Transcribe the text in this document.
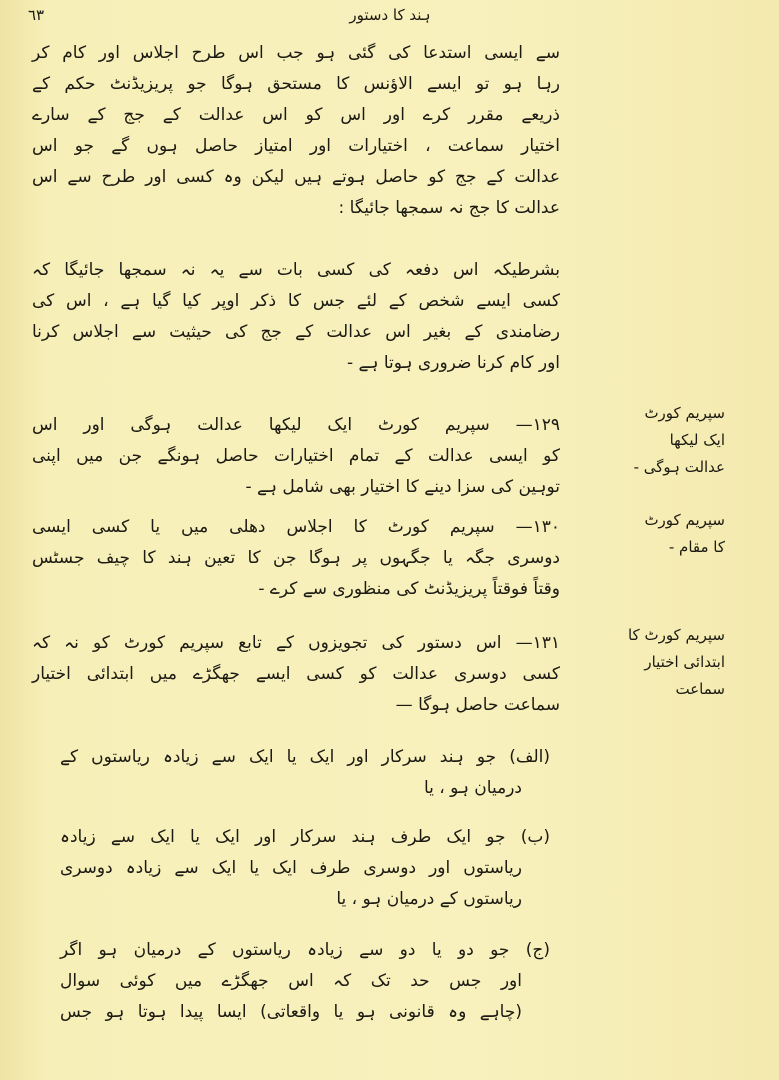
٦٣	ہند کا دستور
سے ایسی استدعا کی گئی ہو جب اس طرح اجلاس اور کام کر
رہا ہو تو ایسے الاؤنس کا مستحق ہوگا جو پریزیڈنٹ حکم کے
ذریعے مقرر کرے اور اس کو اس عدالت کے جج کے سارے
اختیار سماعت ، اختیارات اور امتیاز حاصل ہوں گے جو اس
عدالت کے جج کو حاصل ہوتے ہیں لیکن وہ کسی اور طرح سے اس
عدالت کا جج نہ سمجھا جائیگا :
بشرطیکہ اس دفعہ کی کسی بات سے یہ نہ سمجھا جائیگا کہ
کسی ایسے شخص کے لئے جس کا ذکر اوپر کیا گیا ہے ، اس کی
رضامندی کے بغیر اس عدالت کے جج کی حیثیت سے اجلاس کرنا
اور کام کرنا ضروری ہوتا ہے -
۱۲۹— سپریم کورٹ ایک لیکھا عدالت ہوگی اور اس
کو ایسی عدالت کے تمام اختیارات حاصل ہونگے جن میں اپنی
توہین کی سزا دینے کا اختیار بھی شامل ہے -
سپریم کورٹ
ایک لیکھا
عدالت ہوگی -
۱۳۰— سپریم کورٹ کا اجلاس دھلی میں یا کسی ایسی
دوسری جگہ یا جگہوں پر ہوگا جن کا تعین ہند کا چیف جسٹس
وقتاً فوقتاً پریزیڈنٹ کی منظوری سے کرے -
سپریم کورٹ
کا مقام -
۱۳۱— اس دستور کی تجویزوں کے تابع سپریم کورٹ کو نہ کہ
کسی دوسری عدالت کو کسی ایسے جھگڑے میں ابتدائی اختیار
سماعت حاصل ہوگا —
سپریم کورٹ کا
ابتدائی اختیار
سماعت
(الف) جو ہند سرکار اور ایک یا ایک سے زیادہ ریاستوں کے
درمیان ہو ، یا
(ب) جو ایک طرف ہند سرکار اور ایک یا ایک سے زیادہ
ریاستوں اور دوسری طرف ایک یا ایک سے زیادہ دوسری
ریاستوں کے درمیان ہو ، یا
(ج) جو دو یا دو سے زیادہ ریاستوں کے درمیان ہو اگر
اور جس حد تک کہ اس جھگڑے میں کوئی سوال
(چاہے وہ قانونی ہو یا واقعاتی) ایسا پیدا ہوتا ہو جس
